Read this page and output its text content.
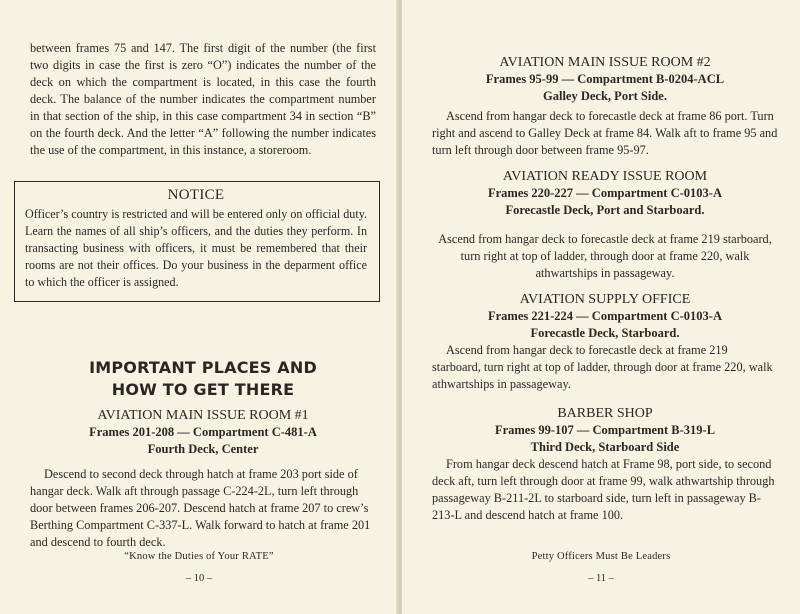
between frames 75 and 147. The first digit of the number (the first two digits in case the first is zero “O”) indicates the number of the deck on which the compartment is located, in this case the fourth deck. The balance of the number indicates the compartment number in that section of the ship, in this case compartment 34 in section “B” on the fourth deck. And the letter “A” following the number indicates the use of the compartment, in this instance, a storeroom.

NOTICE

Officer’s country is restricted and will be entered only on official duty. Learn the names of all ship’s officers, and the duties they perform. In transacting business with officers, it must be remembered that their rooms are not their offices. Do your business in the deparment office to which the officer is assigned.

IMPORTANT PLACES AND
HOW TO GET THERE

AVIATION MAIN ISSUE ROOM #1

Frames 201-208 — Compartment C-481-A

Fourth Deck, Center

Descend to second deck through hatch at frame 203 port side of hangar deck. Walk aft through passage C-224-2L, turn left through door between frames 206-207. Descend hatch at frame 207 to crew’s Berthing Compartment C-337-L. Walk forward to hatch at frame 201 and descend to fourth deck.

“Know the Duties of Your RATE”
– 10 –

AVIATION MAIN ISSUE ROOM #2

Frames 95-99 — Compartment B-0204-ACL

Galley Deck, Port Side.

Ascend from hangar deck to forecastle deck at frame 86 port. Turn right and ascend to Galley Deck at frame 84. Walk aft to frame 95 and turn left through door between frame 95-97.

AVIATION READY ISSUE ROOM

Frames 220-227 — Compartment C-0103-A

Forecastle Deck, Port and Starboard.

Ascend from hangar deck to forecastle deck at frame 219 starboard, turn right at top of ladder, through door at frame 220, walk athwartships in passageway.

AVIATION SUPPLY OFFICE

Frames 221-224 — Compartment C-0103-A

Forecastle Deck, Starboard.

Ascend from hangar deck to forecastle deck at frame 219 starboard, turn right at top of ladder, through door at frame 220, walk athwartships in passageway.

BARBER SHOP

Frames 99-107 — Compartment B-319-L

Third Deck, Starboard Side

From hangar deck descend hatch at Frame 98, port side, to second deck aft, turn left through door at frame 99, walk athwartship through passageway B-211-2L to starboard side, turn left in passageway B-213-L and descend hatch at frame 100.

Petty Officers Must Be Leaders
– 11 –
